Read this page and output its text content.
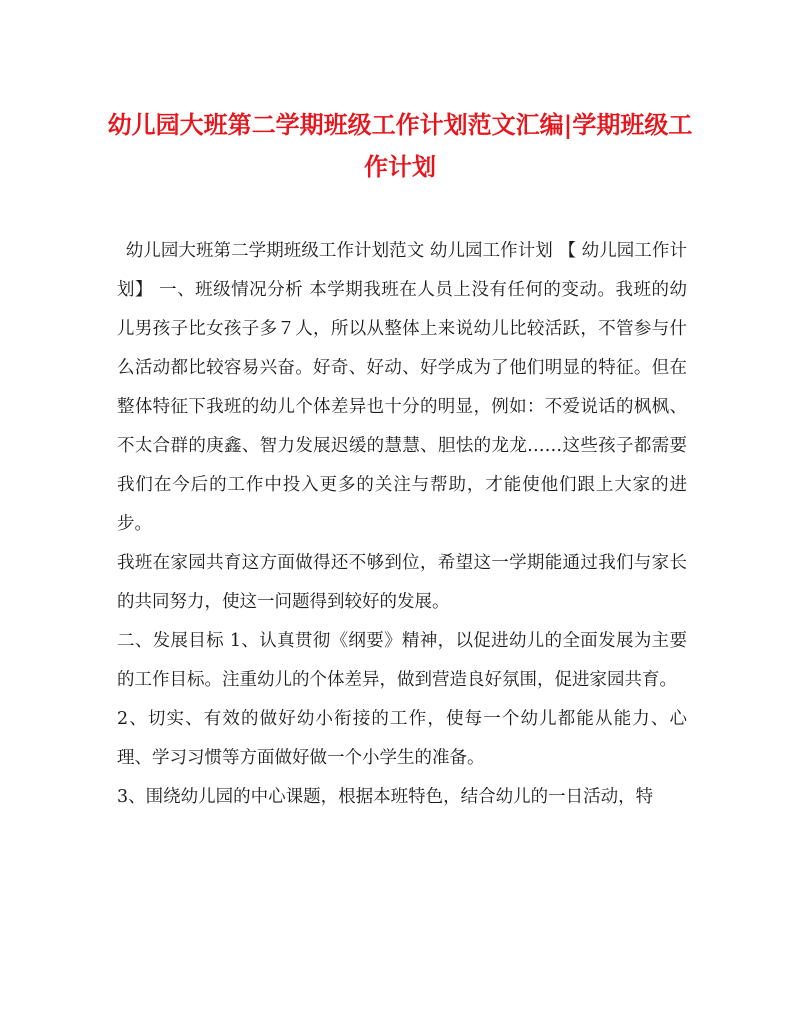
幼儿园大班第二学期班级工作计划范文汇编|学期班级工作计划

幼儿园大班第二学期班级工作计划范文 幼儿园工作计划 【 幼儿园工作计划】 一、班级情况分析 本学期我班在人员上没有任何的变动。我班的幼儿男孩子比女孩子多７人，所以从整体上来说幼儿比较活跃，不管参与什么活动都比较容易兴奋。好奇、好动、好学成为了他们明显的特征。但在整体特征下我班的幼儿个体差异也十分的明显，例如：不爱说话的枫枫、不太合群的庚鑫、智力发展迟缓的慧慧、胆怯的龙龙……这些孩子都需要我们在今后的工作中投入更多的关注与帮助，才能使他们跟上大家的进步。

我班在家园共育这方面做得还不够到位，希望这一学期能通过我们与家长的共同努力，使这一问题得到较好的发展。

二、发展目标 1、认真贯彻《纲要》精神，以促进幼儿的全面发展为主要的工作目标。注重幼儿的个体差异，做到营造良好氛围，促进家园共育。

2、切实、有效的做好幼小衔接的工作，使每一个幼儿都能从能力、心理、学习习惯等方面做好做一个小学生的准备。

3、围绕幼儿园的中心课题，根据本班特色，结合幼儿的一日活动，特
